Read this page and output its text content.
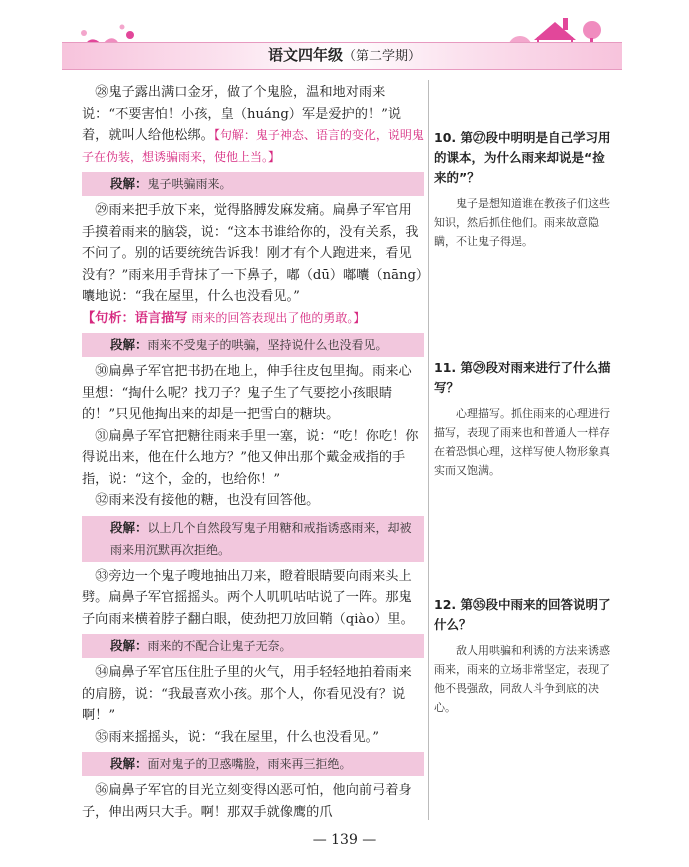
语文四年级（第二学期）

㉘鬼子露出满口金牙，做了个鬼脸，温和地对雨来说：“不要害怕！小孩，皇（huáng）军是爱护的！”说着，就叫人给他松绑。【句解：鬼子神态、语言的变化，说明鬼子在伪装，想诱骗雨来，使他上当。】

段解：鬼子哄骗雨来。

㉙雨来把手放下来，觉得胳膊发麻发痛。扁鼻子军官用手摸着雨来的脑袋，说：“这本书谁给你的，没有关系，我不问了。别的话要统统告诉我！刚才有个人跑进来，看见没有？”雨来用手背抹了一下鼻子，嘟（dū）嘟囔（nāng）囔地说：“我在屋里，什么也没看见。”

【句析：语言描写 雨来的回答表现出了他的勇敢。】

段解：雨来不受鬼子的哄骗，坚持说什么也没看见。

㉚扁鼻子军官把书扔在地上，伸手往皮包里掏。雨来心里想：“掏什么呢？找刀子？鬼子生了气要挖小孩眼睛的！”只见他掏出来的却是一把雪白的糖块。

㉛扁鼻子军官把糖往雨来手里一塞，说：“吃！你吃！你得说出来，他在什么地方？”他又伸出那个戴金戒指的手指，说：“这个，金的，也给你！”

㉜雨来没有接他的糖，也没有回答他。

段解：以上几个自然段写鬼子用糖和戒指诱惑雨来，却被雨来用沉默再次拒绝。

㉝旁边一个鬼子嗖地抽出刀来，瞪着眼睛要向雨来头上劈。扁鼻子军官摇摇头。两个人叽叽咕咕说了一阵。那鬼子向雨来横着脖子翻白眼，使劲把刀放回鞘（qiào）里。

段解：雨来的不配合让鬼子无奈。

㉞扁鼻子军官压住肚子里的火气，用手轻轻地拍着雨来的肩膀，说：“我最喜欢小孩。那个人，你看见没有？说啊！”

㉟雨来摇摇头，说：“我在屋里，什么也没看见。”

段解：面对鬼子的卫惑嘴脸，雨来再三拒绝。

㊱扁鼻子军官的目光立刻变得凶恶可怕，他向前弓着身子，伸出两只大手。啊！那双手就像鹰的爪

10. 第㉗段中明明是自己学习用的课本，为什么雨来却说是“捡来的”？

鬼子是想知道谁在教孩子们这些知识，然后抓住他们。雨来故意隐瞒，不让鬼子得逞。

11. 第㉙段对雨来进行了什么描写？

心理描写。抓住雨来的心理进行描写，表现了雨来也和普通人一样存在着恐惧心理，这样写使人物形象真实而又饱满。

12. 第㉟段中雨来的回答说明了什么？

敌人用哄骗和利诱的方法来诱惑雨来，雨来的立场非常坚定，表现了他不畏强敌，同敌人斗争到底的决心。

— 139 —
